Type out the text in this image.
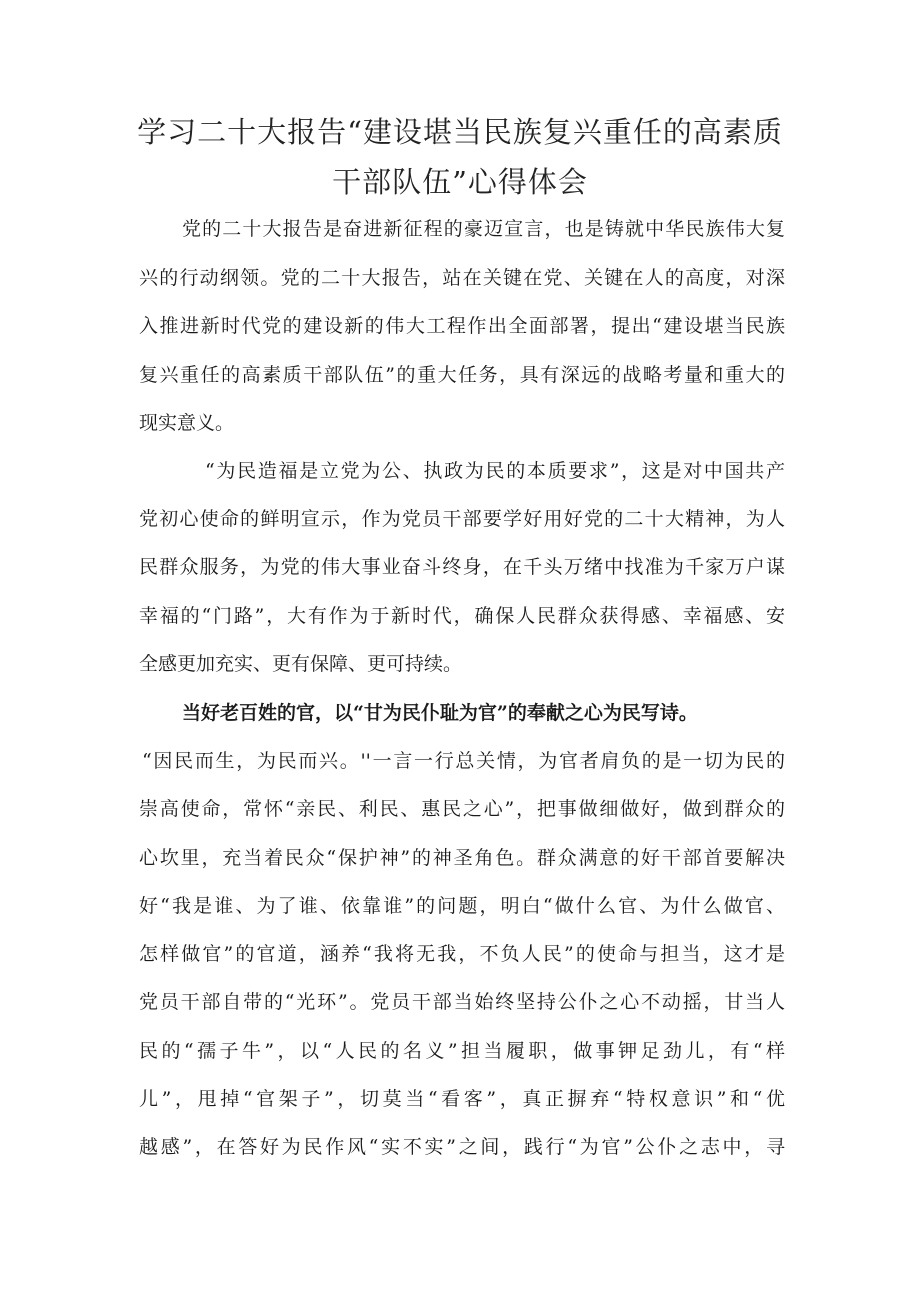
学习二十大报告“建设堪当民族复兴重任的高素质
干部队伍”心得体会

党的二十大报告是奋进新征程的豪迈宣言，也是铸就中华民族伟大复

兴的行动纲领。党的二十大报告，站在关键在党、关键在人的高度，对深

入推进新时代党的建设新的伟大工程作出全面部署，提出“建设堪当民族

复兴重任的高素质干部队伍”的重大任务，具有深远的战略考量和重大的

现实意义。

“为民造福是立党为公、执政为民的本质要求”，这是对中国共产

党初心使命的鲜明宣示，作为党员干部要学好用好党的二十大精神，为人

民群众服务，为党的伟大事业奋斗终身，在千头万绪中找准为千家万户谋

幸福的“门路”，大有作为于新时代，确保人民群众获得感、幸福感、安

全感更加充实、更有保障、更可持续。

当好老百姓的官，以“甘为民仆耻为官”的奉献之心为民写诗。

“因民而生，为民而兴。''一言一行总关情，为官者肩负的是一切为民的

崇高使命，常怀“亲民、利民、惠民之心”，把事做细做好，做到群众的

心坎里，充当着民众“保护神”的神圣角色。群众满意的好干部首要解决

好“我是谁、为了谁、依靠谁”的问题，明白“做什么官、为什么做官、

怎样做官”的官道，涵养“我将无我，不负人民”的使命与担当，这才是

党员干部自带的“光环”。党员干部当始终坚持公仆之心不动摇，甘当人

民的“孺子牛”，以“人民的名义”担当履职，做事钾足劲儿，有“样

儿”，甩掉“官架子”，切莫当“看客”，真正摒弃“特权意识”和“优

越感”，在答好为民作风“实不实”之间，践行“为官”公仆之志中，寻
